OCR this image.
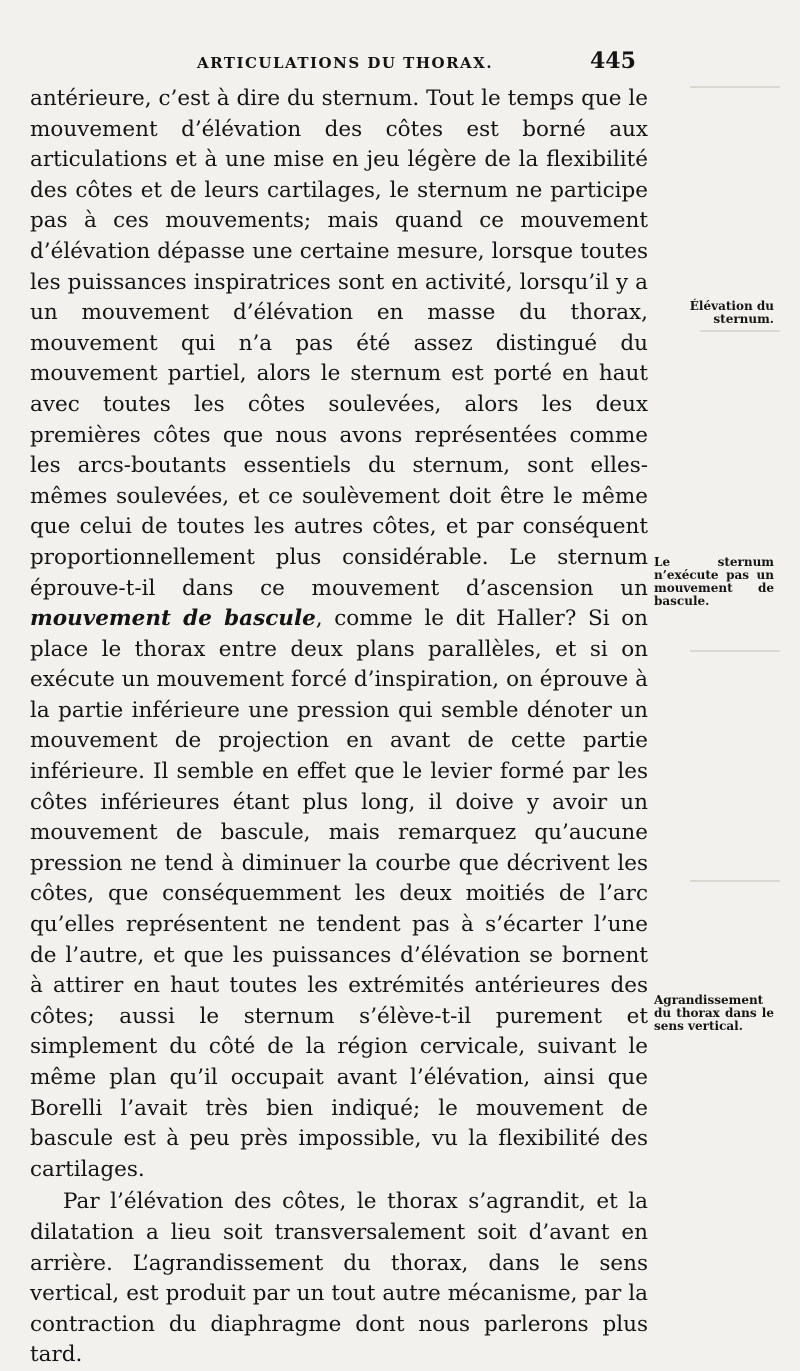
ARTICULATIONS DU THORAX.	445

antérieure, c’est à dire du sternum. Tout le temps que le mouvement d’élévation des côtes est borné aux articulations et à une mise en jeu légère de la flexibilité des côtes et de leurs cartilages, le sternum ne participe pas à ces mouvements; mais quand ce mouvement d’élévation dépasse une certaine mesure, lorsque toutes les puissances inspiratrices sont en activité, lorsqu’il y a un mouvement d’élévation en masse du thorax, mouvement qui n’a pas été assez distingué du mouvement partiel, alors le sternum est porté en haut avec toutes les côtes soulevées, alors les deux premières côtes que nous avons représentées comme les arcs-boutants essentiels du sternum, sont elles-mêmes soulevées, et ce soulèvement doit être le même que celui de toutes les autres côtes, et par conséquent proportionnellement plus considérable. Le sternum éprouve-t-il dans ce mouvement d’ascension un mouvement de bascule, comme le dit Haller? Si on place le thorax entre deux plans parallèles, et si on exécute un mouvement forcé d’inspiration, on éprouve à la partie inférieure une pression qui semble dénoter un mouvement de projection en avant de cette partie inférieure. Il semble en effet que le levier formé par les côtes inférieures étant plus long, il doive y avoir un mouvement de bascule, mais remarquez qu’aucune pression ne tend à diminuer la courbe que décrivent les côtes, que conséquemment les deux moitiés de l’arc qu’elles représentent ne tendent pas à s’écarter l’une de l’autre, et que les puissances d’élévation se bornent à attirer en haut toutes les extrémités antérieures des côtes; aussi le sternum s’élève-t-il purement et simplement du côté de la région cervicale, suivant le même plan qu’il occupait avant l’élévation, ainsi que Borelli l’avait très bien indiqué; le mouvement de bascule est à peu près impossible, vu la flexibilité des cartilages.

Par l’élévation des côtes, le thorax s’agrandit, et la dilatation a lieu soit transversalement soit d’avant en arrière. L’agrandissement du thorax, dans le sens vertical, est produit par un tout autre mécanisme, par la contraction du diaphragme dont nous parlerons plus tard.

Élévation du sternum.
Le sternum n’exécute pas un mouvement de bascule.
Agrandissement du thorax dans le sens vertical.
